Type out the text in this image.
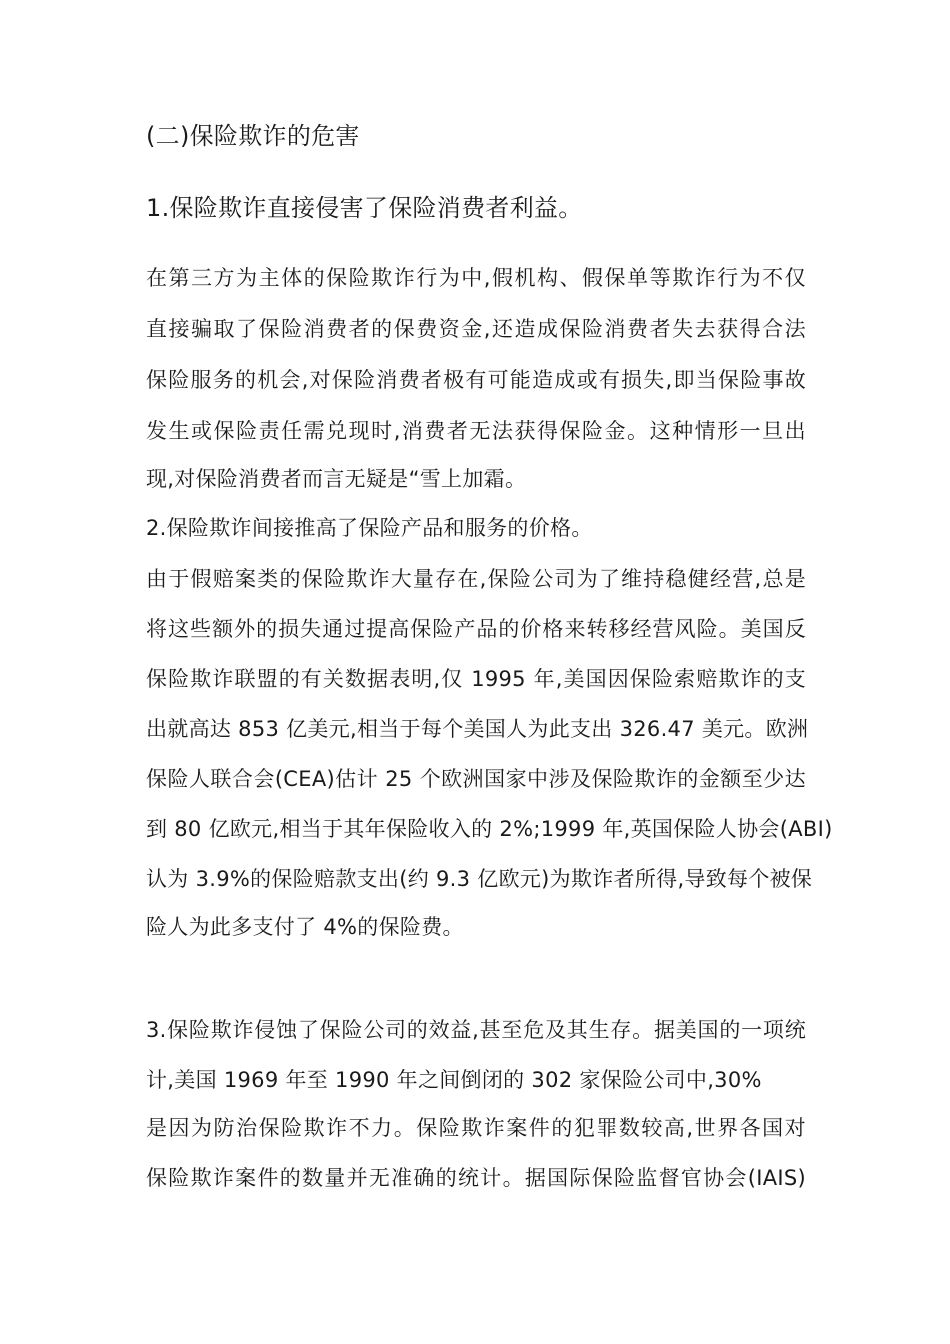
(二)保险欺诈的危害
1.保险欺诈直接侵害了保险消费者利益。
在第三方为主体的保险欺诈行为中,假机构、假保单等欺诈行为不仅
直接骗取了保险消费者的保费资金,还造成保险消费者失去获得合法
保险服务的机会,对保险消费者极有可能造成或有损失,即当保险事故
发生或保险责任需兑现时,消费者无法获得保险金。这种情形一旦出
现,对保险消费者而言无疑是“雪上加霜。
2.保险欺诈间接推高了保险产品和服务的价格。
由于假赔案类的保险欺诈大量存在,保险公司为了维持稳健经营,总是
将这些额外的损失通过提高保险产品的价格来转移经营风险。美国反
保险欺诈联盟的有关数据表明,仅 1995 年,美国因保险索赔欺诈的支
出就高达 853 亿美元,相当于每个美国人为此支出 326.47 美元。欧洲
保险人联合会(CEA)估计 25 个欧洲国家中涉及保险欺诈的金额至少达
到 80 亿欧元,相当于其年保险收入的 2%;1999 年,英国保险人协会(ABI)
认为 3.9%的保险赔款支出(约 9.3 亿欧元)为欺诈者所得,导致每个被保
险人为此多支付了 4%的保险费。
3.保险欺诈侵蚀了保险公司的效益,甚至危及其生存。据美国的一项统
计,美国 1969 年至 1990 年之间倒闭的 302 家保险公司中,30%
是因为防治保险欺诈不力。保险欺诈案件的犯罪数较高,世界各国对
保险欺诈案件的数量并无准确的统计。据国际保险监督官协会(IAIS)
